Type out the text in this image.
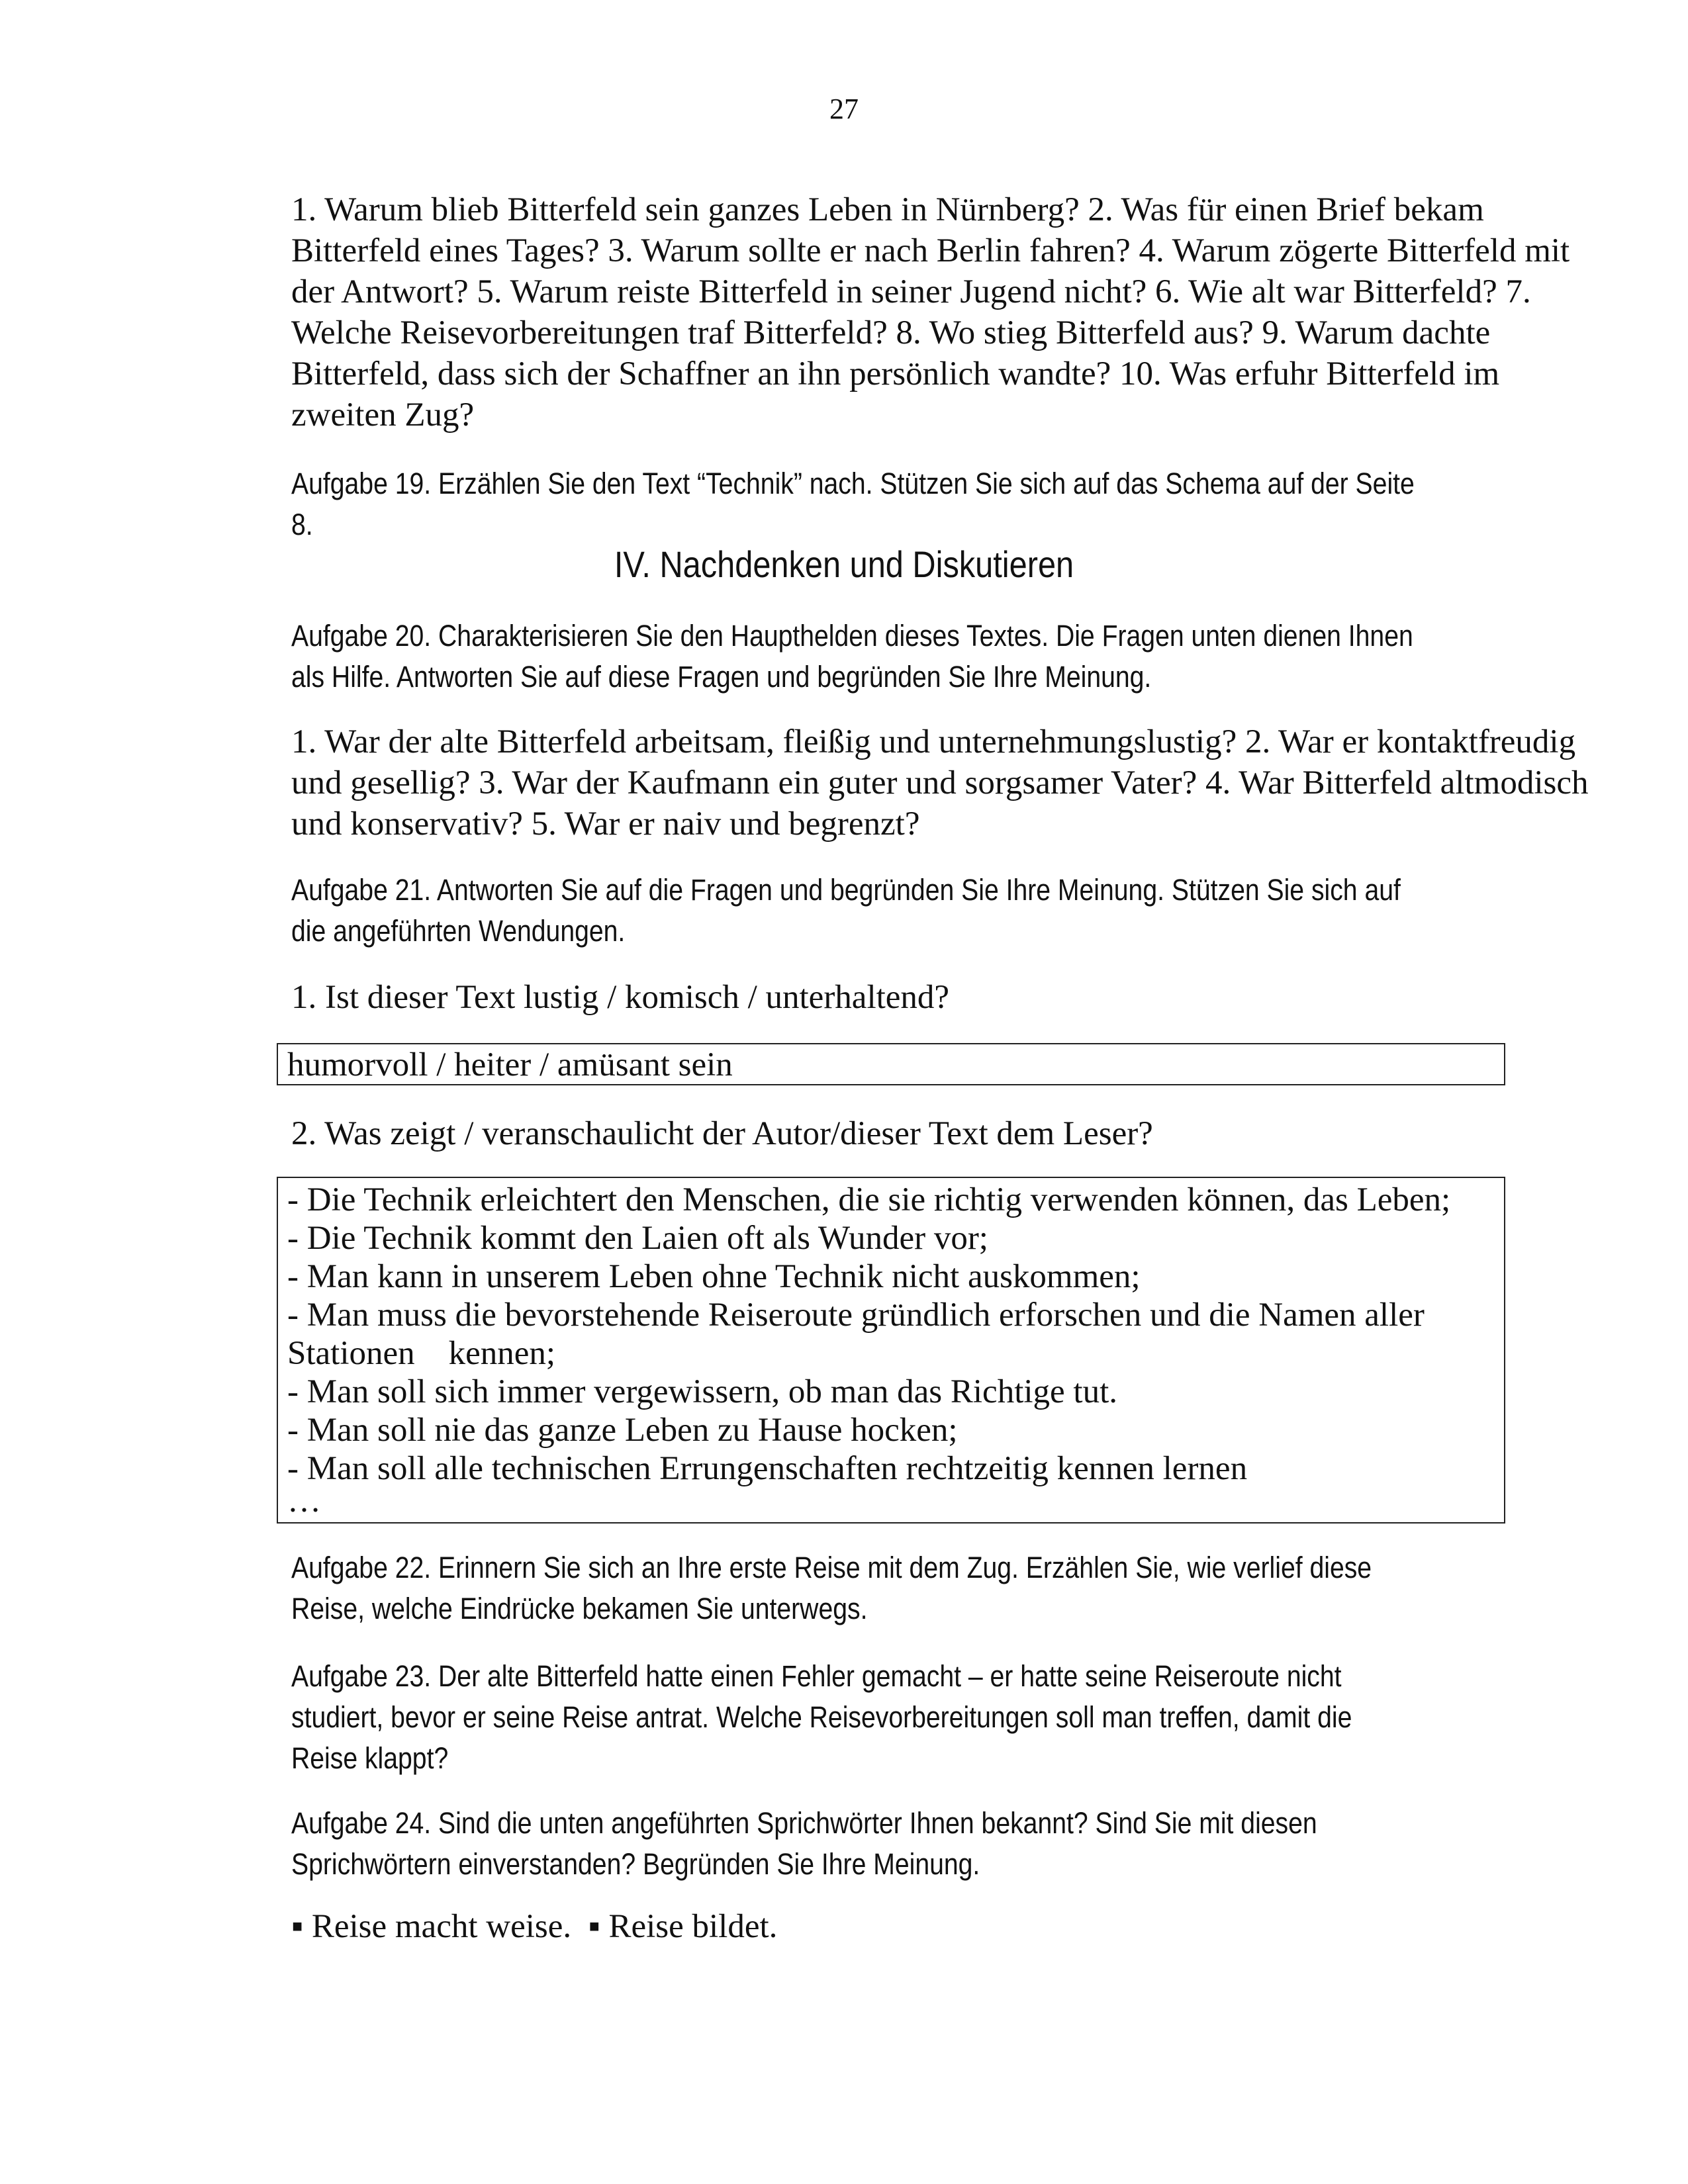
27

1. Warum blieb Bitterfeld sein ganzes Leben in Nürnberg? 2. Was für einen Brief bekam Bitterfeld eines Tages? 3. Warum sollte er nach Berlin fahren? 4. Warum zögerte Bitterfeld mit der Antwort? 5. Warum reiste Bitterfeld in seiner Jugend nicht? 6. Wie alt war Bitterfeld? 7. Welche Reisevorbereitungen traf Bitterfeld? 8. Wo stieg Bitterfeld aus? 9. Warum dachte Bitterfeld, dass sich der Schaffner an ihn persönlich wandte? 10. Was erfuhr Bitterfeld im zweiten Zug?

Aufgabe 19. Erzählen Sie den Text “Technik” nach. Stützen Sie sich auf das Schema auf der Seite 8.

IV. Nachdenken und Diskutieren

Aufgabe 20. Charakterisieren Sie den Haupthelden dieses Textes. Die Fragen unten dienen Ihnen als Hilfe. Antworten Sie auf diese Fragen und begründen Sie Ihre Meinung.

1. War der alte Bitterfeld arbeitsam, fleißig und unternehmungslustig? 2. War er kontaktfreudig und gesellig? 3. War der Kaufmann ein guter und sorgsamer Vater? 4. War Bitterfeld altmodisch und konservativ? 5. War er naiv und begrenzt?

Aufgabe 21. Antworten Sie auf die Fragen und begründen Sie Ihre Meinung. Stützen Sie sich auf die angeführten Wendungen.

1. Ist dieser Text lustig / komisch / unterhaltend?

humorvoll / heiter / amüsant sein

2. Was zeigt / veranschaulicht der Autor/dieser Text dem Leser?

- Die Technik erleichtert den Menschen, die sie richtig verwenden können, das Leben;
- Die Technik kommt den Laien oft als Wunder vor;
- Man kann in unserem Leben ohne Technik nicht auskommen;
- Man muss die bevorstehende Reiseroute gründlich erforschen und die Namen aller
Stationen    kennen;
- Man soll sich immer vergewissern, ob man das Richtige tut.
- Man soll nie das ganze Leben zu Hause hocken;
- Man soll alle technischen Errungenschaften rechtzeitig kennen lernen
…

Aufgabe 22. Erinnern Sie sich an Ihre erste Reise mit dem Zug. Erzählen Sie, wie verlief diese Reise, welche Eindrücke bekamen Sie unterwegs.

Aufgabe 23. Der alte Bitterfeld hatte einen Fehler gemacht – er hatte seine Reiseroute nicht studiert, bevor er seine Reise antrat. Welche Reisevorbereitungen soll man treffen, damit die Reise klappt?

Aufgabe 24. Sind die unten angeführten Sprichwörter Ihnen bekannt? Sind Sie mit diesen Sprichwörtern einverstanden? Begründen Sie Ihre Meinung.

▪ Reise macht weise. ▪ Reise bildet.
